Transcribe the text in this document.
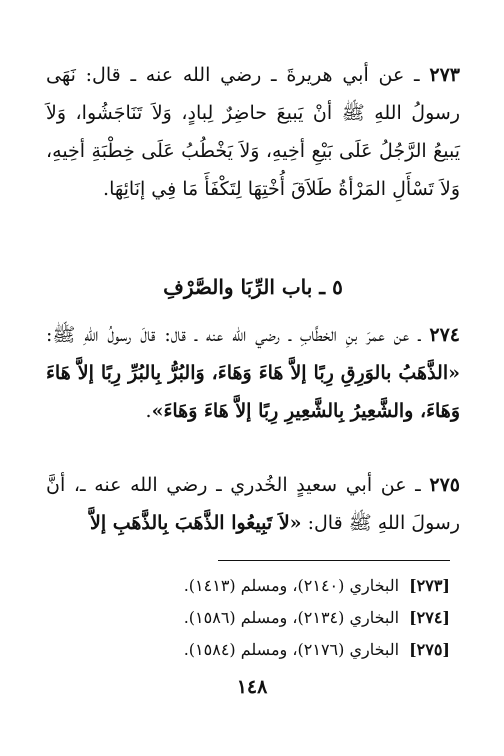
٢٧٣ ـ عن أبي هريرةَ ـ رضي الله عنه ـ قال: نَهَى رسولُ اللهِ ﷺ أنْ يَبيعَ حاضِرٌ لِبادٍ، وَلاَ تَنَاجَشُوا، وَلاَ يَبيعُ الرَّجُلُ عَلَى بَيْعِ أخِيهِ، وَلاَ يَخْطُبُ عَلَى خِطْبَةِ أخِيهِ، وَلاَ تَسْأَلِ المَرْأةُ طَلاَقَ أُخْتِهَا لِتَكْفَأَ مَا فِي إنَائِهَا.

٥ ـ باب الرِّبَا والصَّرْفِ

٢٧٤ ـ عن عمرَ بنِ الخطَّابِ ـ رضي الله عنه ـ قال: قالَ رسولُ اللهِ ﷺ: «الذَّهَبُ بالوَرِقِ رِبًا إلاَّ هَاءَ وَهَاءَ، وَالبُرُّ بِالبُرِّ رِبًا إلاَّ هَاءَ وَهَاءَ، والشَّعِيرُ بِالشَّعِيرِ رِبًا إلاَّ هَاءَ وَهَاءَ».

٢٧٥ ـ عن أبي سعيدٍ الخُدري ـ رضي الله عنه ـ، أنَّ رسولَ اللهِ ﷺ قال: «لاَ تَبِيعُوا الذَّهَبَ بِالذَّهَبِ إلاَّ

[٢٧٣]البخاري (٢١٤٠)، ومسلم (١٤١٣).
[٢٧٤]البخاري (٢١٣٤)، ومسلم (١٥٨٦).
[٢٧٥]البخاري (٢١٧٦)، ومسلم (١٥٨٤).
١٤٨
